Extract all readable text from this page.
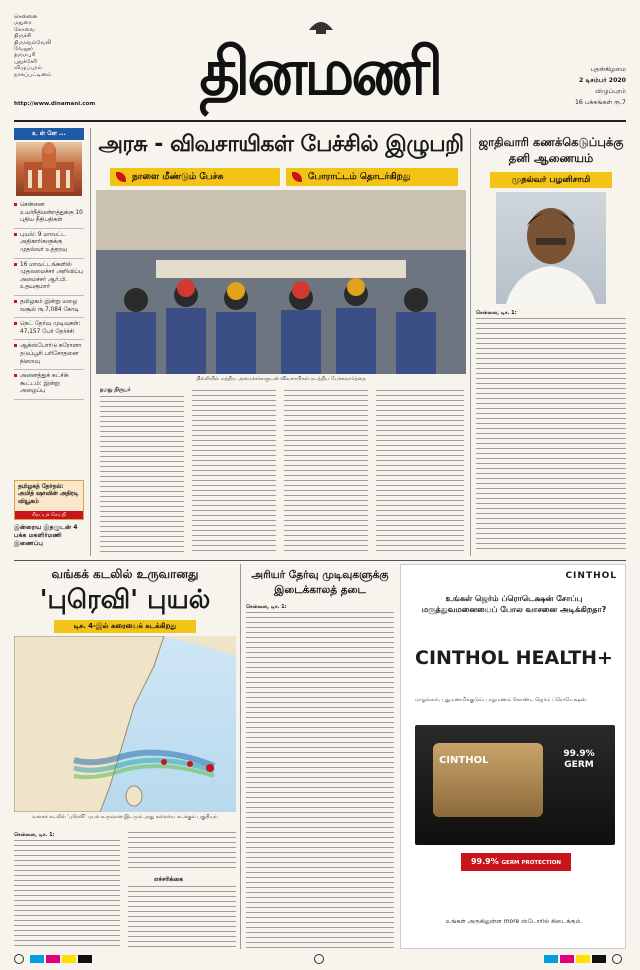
சென்னை
மதுரை
கோவை
திருச்சி
திருநெல்வேலி
வேலூர்
தருமபுரி
புதுச்சேரி
விழுப்புரம்
நாகப்பட்டினம்
http://www.dinamani.com	தினமணி	புதன்கிழமை
2 டிசம்பர் 2020
விழுப்புரம்
16 பக்கங்கள் ரூ.7
உ ள் ளே ...
சென்னை உயர்நீதிமன்றத்துக்கு 10 புதிய நீதிபதிகள்
புயல்: 9 மாவட்ட அதிகாரிகளுக்கு முதல்வர் உத்தரவு
16 மாவட்டங்களில் முதலமைச்சர் அறிவிப்பு அமைச்சர் ஆர்.பி. உதயகுமார்
தமிழகம் இன்று மழை வசூல் ரூ.7,084 கோடி
நெட் தேர்வு முடிவுகள்: 47,157 பேர் தேர்ச்சி
ஆக்ஸ்போர்டு கரோனா தடுப்பூசி பரிசோதனை நிறைவு
அனைத்துக் கட்சிக் கூட்டம்: இன்று அழைப்பு
தமிழகத் தேர்தல்: அமித் ஷாவின் அதிரடி வியூகம்
சிறப்புச் செய்தி
இன்றைய இதழுடன் 4 பக்க மகளிர்மணி இணைப்பு
அரசு - விவசாயிகள் பேச்சில் இழுபறி
நாளை மீண்டும் பேச்சு	போராட்டம் தொடர்கிறது
தில்லியில் மத்திய அமைச்சர்களுடன் விவசாயிகள் நடத்திய பேச்சுவார்த்தை
நமது நிருபர்
ஜாதிவாரி கணக்கெடுப்புக்கு தனி ஆணையம்
முதல்வர் பழனிசாமி
சென்னை, டிச. 1:
வங்கக் கடலில் உருவானது
'புரெவி' புயல்
டிச. 4-இல் கரையைக் கடக்கிறது
வங்கக் கடலில் 'புரெவி' புயல் உருவான இடமும் அது கரையை கடக்கும் பகுதியும்
சென்னை, டிச. 1:
எச்சரிக்கை
அரியர் தேர்வு முடிவுகளுக்கு இடைக்காலத் தடை
சென்னை, டிச. 1:
CINTHOL
உங்கள் ஜெர்ம் ப்ரொடெக்ஷன் சோப்பு மருத்துவமனையைப் போல வாசனை அடிக்கிறதா?
CINTHOL HEALTH+
மாறுங்கள், புதுமணமிக்குடும்ப நறுமணம் கொண்ட ஜெர்ம் ப்ரொடெக்ஷன்.
CINTHOL
99.9% GERM
99.9% GERM PROTECTION
உங்கள் அருகிலுள்ள more ஸ்டோரில் கிடைக்கும்.
